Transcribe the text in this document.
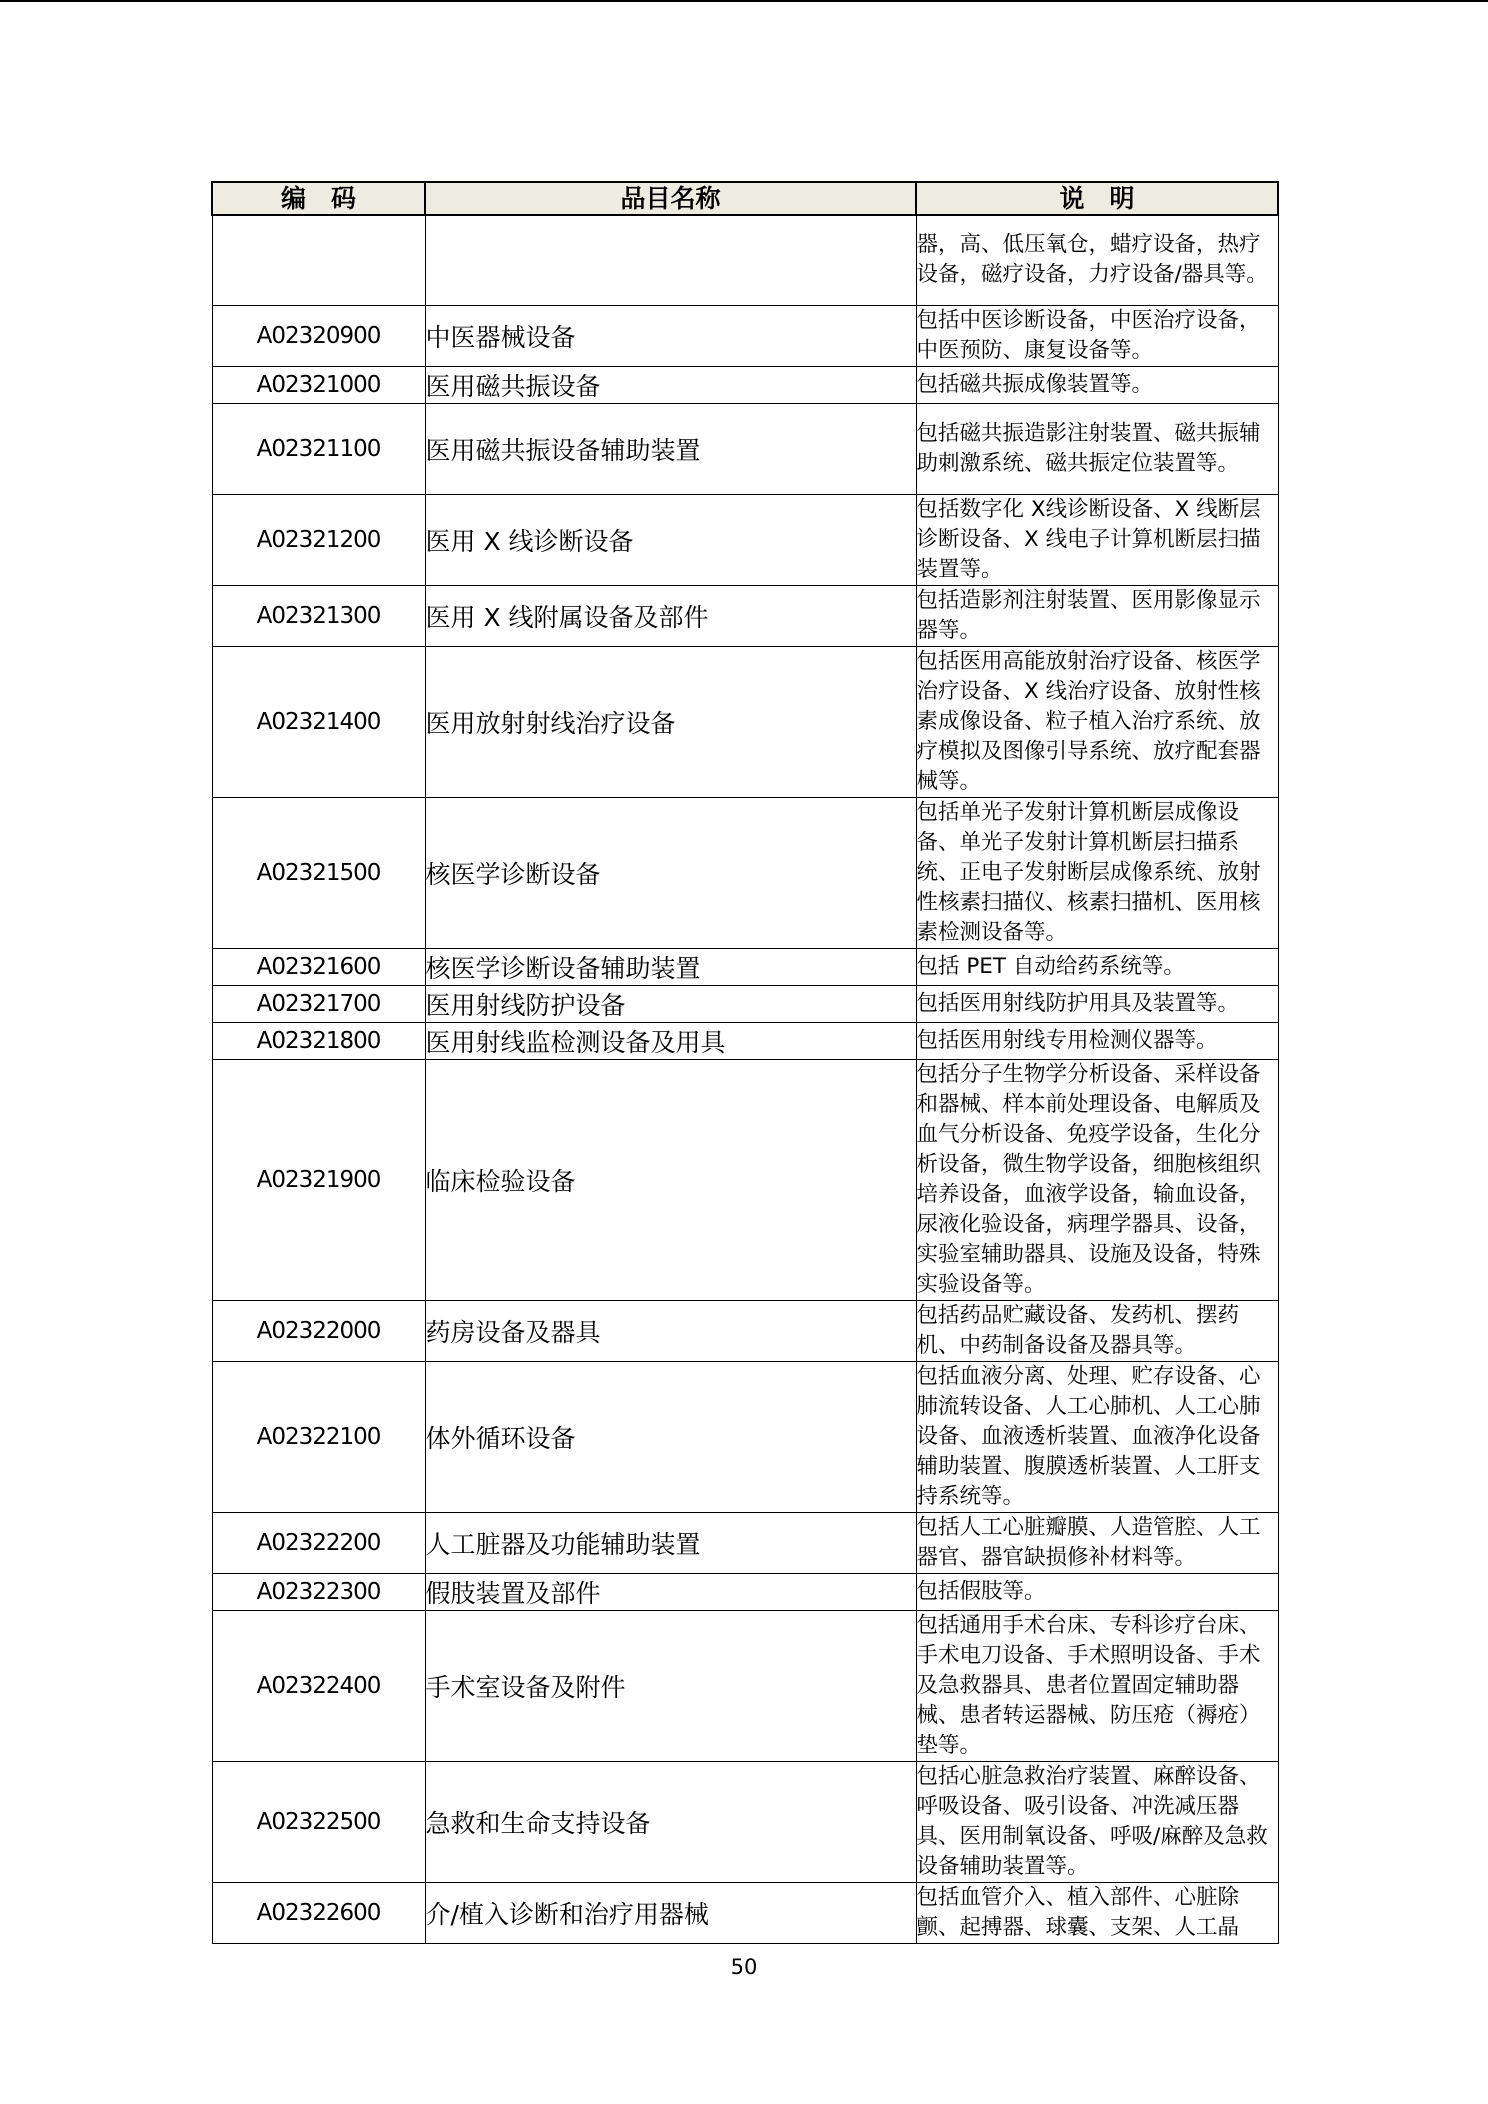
编　码	品目名称	说　明
		器，高、低压氧仓，蜡疗设备，热疗设备，磁疗设备，力疗设备/器具等。
A02320900	中医器械设备	包括中医诊断设备，中医治疗设备，中医预防、康复设备等。
A02321000	医用磁共振设备	包括磁共振成像装置等。
A02321100	医用磁共振设备辅助装置	包括磁共振造影注射装置、磁共振辅助刺激系统、磁共振定位装置等。
A02321200	医用 X 线诊断设备	包括数字化 X线诊断设备、X 线断层诊断设备、X 线电子计算机断层扫描装置等。
A02321300	医用 X 线附属设备及部件	包括造影剂注射装置、医用影像显示器等。
A02321400	医用放射射线治疗设备	包括医用高能放射治疗设备、核医学治疗设备、X 线治疗设备、放射性核素成像设备、粒子植入治疗系统、放疗模拟及图像引导系统、放疗配套器械等。
A02321500	核医学诊断设备	包括单光子发射计算机断层成像设备、单光子发射计算机断层扫描系统、正电子发射断层成像系统、放射性核素扫描仪、核素扫描机、医用核素检测设备等。
A02321600	核医学诊断设备辅助装置	包括 PET 自动给药系统等。
A02321700	医用射线防护设备	包括医用射线防护用具及装置等。
A02321800	医用射线监检测设备及用具	包括医用射线专用检测仪器等。
A02321900	临床检验设备	包括分子生物学分析设备、采样设备和器械、样本前处理设备、电解质及血气分析设备、免疫学设备，生化分析设备，微生物学设备，细胞核组织培养设备，血液学设备，输血设备，尿液化验设备，病理学器具、设备，实验室辅助器具、设施及设备，特殊实验设备等。
A02322000	药房设备及器具	包括药品贮藏设备、发药机、摆药机、中药制备设备及器具等。
A02322100	体外循环设备	包括血液分离、处理、贮存设备、心肺流转设备、人工心肺机、人工心肺设备、血液透析装置、血液净化设备辅助装置、腹膜透析装置、人工肝支持系统等。
A02322200	人工脏器及功能辅助装置	包括人工心脏瓣膜、人造管腔、人工器官、器官缺损修补材料等。
A02322300	假肢装置及部件	包括假肢等。
A02322400	手术室设备及附件	包括通用手术台床、专科诊疗台床、手术电刀设备、手术照明设备、手术及急救器具、患者位置固定辅助器械、患者转运器械、防压疮（褥疮）垫等。
A02322500	急救和生命支持设备	包括心脏急救治疗装置、麻醉设备、呼吸设备、吸引设备、冲洗减压器具、医用制氧设备、呼吸/麻醉及急救设备辅助装置等。
A02322600	介/植入诊断和治疗用器械	包括血管介入、植入部件、心脏除颤、起搏器、球囊、支架、人工晶
50
